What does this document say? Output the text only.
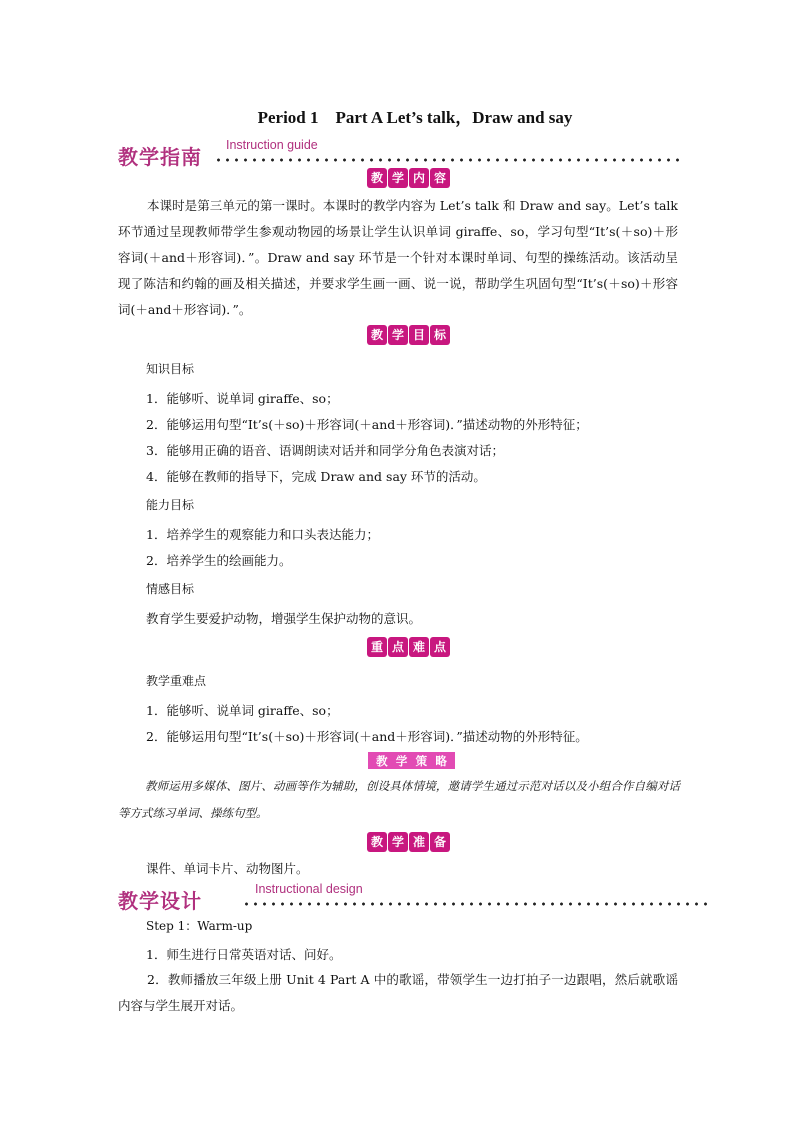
Period 1　Part A Let’s talk，Draw and say
教学指南 Instruction guide
教 学 内 容
本课时是第三单元的第一课时。本课时的教学内容为 Let’s talk 和 Draw and say。Let’s talk 环节通过呈现教师带学生参观动物园的场景让学生认识单词 giraffe、so，学习句型“It’s(＋so)＋形容词(＋and＋形容词)．”。Draw and say 环节是一个针对本课时单词、句型的操练活动。该活动呈现了陈洁和约翰的画及相关描述，并要求学生画一画、说一说，帮助学生巩固句型“It’s(＋so)＋形容词(＋and＋形容词)．”。
教 学 目 标
知识目标
1．能够听、说单词 giraffe、so；
2．能够运用句型“It’s(＋so)＋形容词(＋and＋形容词)．”描述动物的外形特征；
3．能够用正确的语音、语调朗读对话并和同学分角色表演对话；
4．能够在教师的指导下，完成 Draw and say 环节的活动。
能力目标
1．培养学生的观察能力和口头表达能力；
2．培养学生的绘画能力。
情感目标
教育学生要爱护动物，增强学生保护动物的意识。
重 点 难 点
教学重难点
1．能够听、说单词 giraffe、so；
2．能够运用句型“It’s(＋so)＋形容词(＋and＋形容词)．”描述动物的外形特征。
教 学 策 略
教师运用多媒体、图片、动画等作为辅助，创设具体情境，邀请学生通过示范对话以及小组合作自编对话等方式练习单词、操练句型。
教 学 准 备
课件、单词卡片、动物图片。
教学设计	Instructional design
Step 1：Warm-up
1．师生进行日常英语对话、问好。
2．教师播放三年级上册 Unit 4 Part A 中的歌谣，带领学生一边打拍子一边跟唱，然后就歌谣内容与学生展开对话。
